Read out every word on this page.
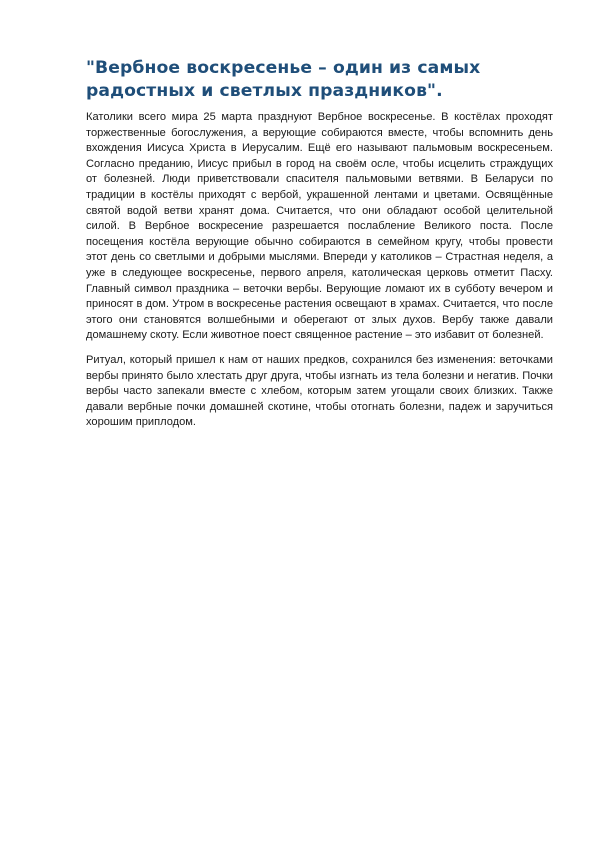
"Вербное воскресенье – один из самых радостных и светлых праздников".

Католики всего мира 25 марта празднуют Вербное воскресенье. В костёлах проходят торжественные богослужения, а верующие собираются вместе, чтобы вспомнить день вхождения Иисуса Христа в Иерусалим. Ещё его называют пальмовым воскресеньем. Согласно преданию, Иисус прибыл в город на своём осле, чтобы исцелить страждущих от болезней. Люди приветствовали спасителя пальмовыми ветвями. В Беларуси по традиции в костёлы приходят с вербой, украшенной лентами и цветами. Освящённые святой водой ветви хранят дома. Считается, что они обладают особой целительной силой. В Вербное воскресение разрешается послабление Великого поста. После посещения костёла верующие обычно собираются в семейном кругу, чтобы провести этот день со светлыми и добрыми мыслями. Впереди у католиков – Страстная неделя, а уже в следующее воскресенье, первого апреля, католическая церковь отметит Пасху. Главный символ праздника – веточки вербы. Верующие ломают их в субботу вечером и приносят в дом. Утром в воскресенье растения освещают в храмах. Считается, что после этого они становятся волшебными и оберегают от злых духов. Вербу также давали домашнему скоту. Если животное поест священное растение – это избавит от болезней.

Ритуал, который пришел к нам от наших предков, сохранился без изменения: веточками вербы принято было хлестать друг друга, чтобы изгнать из тела болезни и негатив. Почки вербы часто запекали вместе с хлебом, которым затем угощали своих близких. Также давали вербные почки домашней скотине, чтобы отогнать болезни, падеж и заручиться хорошим приплодом.
